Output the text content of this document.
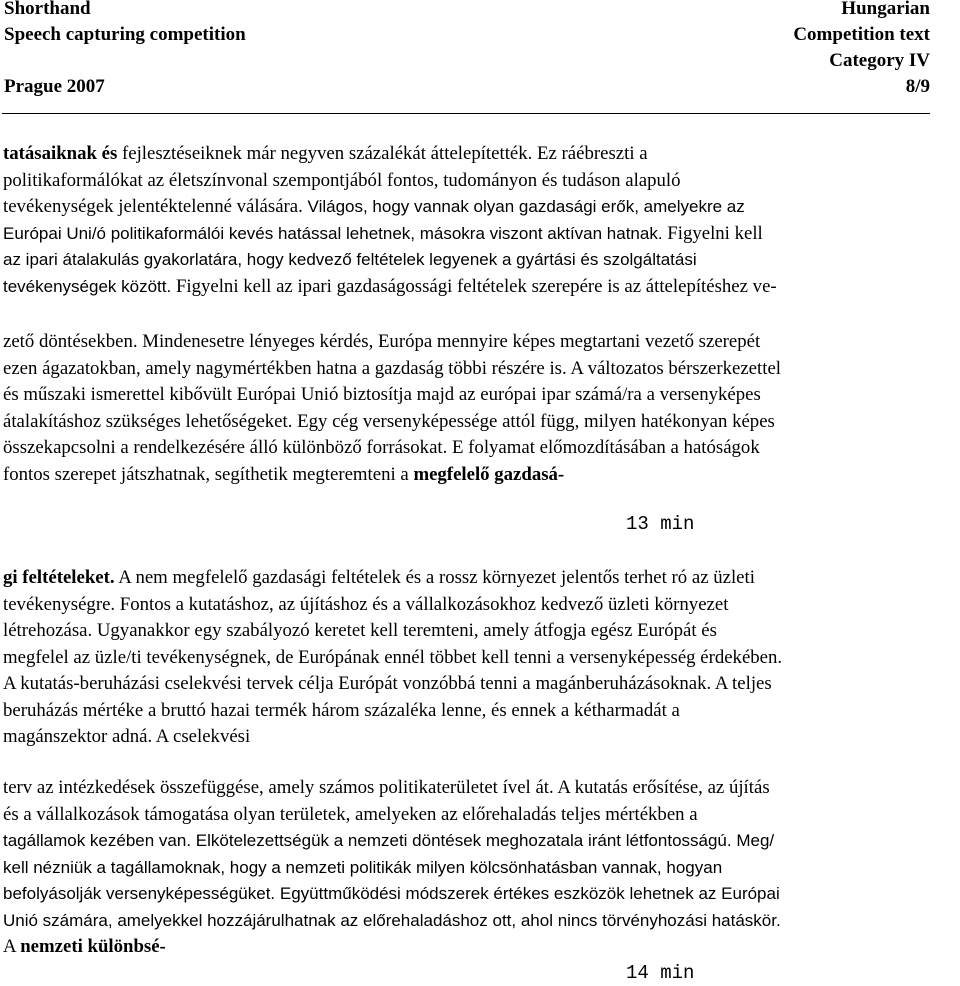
Shorthand
Speech capturing competition

Prague 2007
Hungarian
Competition text
Category IV
8/9

tatásaiknak és fejlesztéseiknek már negyven százalékát áttelepítették. Ez ráébreszti a

politikaformálókat az életszínvonal szempontjából fontos, tudományon és tudáson alapuló

tevékenységek jelentéktelenné válására. Világos, hogy vannak olyan gazdasági erők, amelyekre az

Európai Uni/ó politikaformálói kevés hatással lehetnek, másokra viszont aktívan hatnak. Figyelni kell

az ipari átalakulás gyakorlatára, hogy kedvező feltételek legyenek a gyártási és szolgáltatási

tevékenységek között. Figyelni kell az ipari gazdaságossági feltételek szerepére is az áttelepítéshez ve-

zető döntésekben. Mindenesetre lényeges kérdés, Európa mennyire képes megtartani vezető szerepét

ezen ágazatokban, amely nagymértékben hatna a gazdaság többi részére is. A változatos bérszerkezettel

és műszaki ismerettel kibővült Európai Unió biztosítja majd az európai ipar számá/ra a versenyképes

átalakításhoz szükséges lehetőségeket. Egy cég versenyképessége attól függ, milyen hatékonyan képes

összekapcsolni a rendelkezésére álló különböző forrásokat. E folyamat előmozdításában a hatóságok

fontos szerepet játszhatnak, segíthetik megteremteni a megfelelő gazdasá-

13 min

gi feltételeket. A nem megfelelő gazdasági feltételek és a rossz környezet jelentős terhet ró az üzleti

tevékenységre. Fontos a kutatáshoz, az újításhoz és a vállalkozásokhoz kedvező üzleti környezet

létrehozása. Ugyanakkor egy szabályozó keretet kell teremteni, amely átfogja egész Európát és

megfelel az üzle/ti tevékenységnek, de Európának ennél többet kell tenni a versenyképesség érdekében.

A kutatás-beruházási cselekvési tervek célja Európát vonzóbbá tenni a magánberuházásoknak. A teljes

beruházás mértéke a bruttó hazai termék három százaléka lenne, és ennek a kétharmadát a

magánszektor adná. A cselekvési

terv az intézkedések összefüggése, amely számos politikaterületet ível át. A kutatás erősítése, az újítás

és a vállalkozások támogatása olyan területek, amelyeken az előrehaladás teljes mértékben a

tagállamok kezében van. Elkötelezettségük a nemzeti döntések meghozatala iránt létfontosságú. Meg/

kell nézniük a tagállamoknak, hogy a nemzeti politikák milyen kölcsönhatásban vannak, hogyan

befolyásolják versenyképességüket. Együttműködési módszerek értékes eszközök lehetnek az Európai

Unió számára, amelyekkel hozzájárulhatnak az előrehaladáshoz ott, ahol nincs törvényhozási hatáskör.

A nemzeti különbsé-

14 min
